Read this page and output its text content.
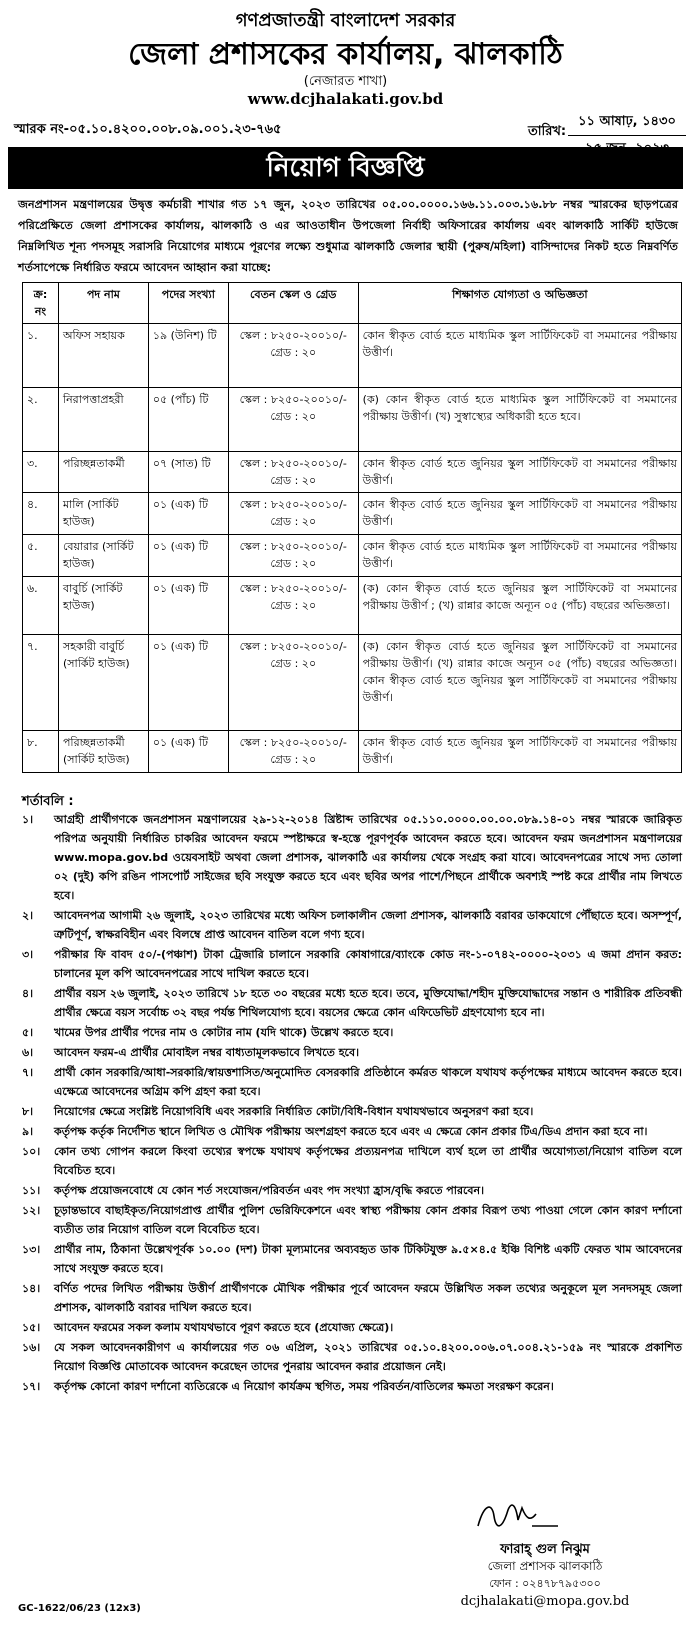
গণপ্রজাতন্ত্রী বাংলাদেশ সরকার
জেলা প্রশাসকের কার্যালয়, ঝালকাঠি
(নেজারত শাখা)
www.dcjhalakati.gov.bd
স্মারক নং-০৫.১০.৪২০০.০০৮.০৯.০০১.২৩-৭৬৫	তারিখ:
১১ আষাঢ়, ১৪৩০
নিয়োগ বিজ্ঞপ্তি
জনপ্রশাসন মন্ত্রণালয়ের উদ্বৃত্ত কর্মচারী শাখার গত ১৭ জুন, ২০২৩ তারিখের ০৫.০০.০০০০.১৬৬.১১.০০৩.১৬.৮৮ নম্বর স্মারকের ছাড়পত্রের পরিপ্রেক্ষিতে জেলা প্রশাসকের কার্যালয়, ঝালকাঠি ও এর আওতাধীন উপজেলা নির্বাহী অফিসারের কার্যালয় এবং ঝালকাঠি সার্কিট হাউজে নিম্নলিখিত শূন্য পদসমূহ সরাসরি নিয়োগের মাধ্যমে পূরণের লক্ষ্যে শুধুমাত্র ঝালকাঠি জেলার স্থায়ী (পুরুষ/মহিলা) বাসিন্দাদের নিকট হতে নিম্নবর্ণিত শর্তসাপেক্ষে নির্ধারিত ফরমে আবেদন আহ্বান করা যাচ্ছে:
ক্র: নং	পদ নাম	পদের সংখ্যা	বেতন স্কেল ও গ্রেড	শিক্ষাগত যোগ্যতা ও অভিজ্ঞতা
১.	অফিস সহায়ক	১৯ (উনিশ) টি	স্কেল : ৮২৫০-২০০১০/- গ্রেড : ২০	কোন স্বীকৃত বোর্ড হতে মাধ্যমিক স্কুল সার্টিফিকেট বা সমমানের পরীক্ষায় উত্তীর্ণ।
২.	নিরাপত্তাপ্রহরী	০৫ (পাঁচ) টি	স্কেল : ৮২৫০-২০০১০/- গ্রেড : ২০	(ক) কোন স্বীকৃত বোর্ড হতে মাধ্যমিক স্কুল সার্টিফিকেট বা সমমানের পরীক্ষায় উত্তীর্ণ। (খ) সুস্বাস্থ্যের অধিকারী হতে হবে।
৩.	পরিচ্ছন্নতাকর্মী	০৭ (সাত) টি	স্কেল : ৮২৫০-২০০১০/- গ্রেড : ২০	কোন স্বীকৃত বোর্ড হতে জুনিয়র স্কুল সার্টিফিকেট বা সমমানের পরীক্ষায় উত্তীর্ণ।
৪.	মালি (সার্কিট হাউজ)	০১ (এক) টি	স্কেল : ৮২৫০-২০০১০/- গ্রেড : ২০	কোন স্বীকৃত বোর্ড হতে জুনিয়র স্কুল সার্টিফিকেট বা সমমানের পরীক্ষায় উত্তীর্ণ।
৫.	বেয়ারার (সার্কিট হাউজ)	০১ (এক) টি	স্কেল : ৮২৫০-২০০১০/- গ্রেড : ২০	কোন স্বীকৃত বোর্ড হতে মাধ্যমিক স্কুল সার্টিফিকেট বা সমমানের পরীক্ষায় উত্তীর্ণ।
৬.	বাবুর্চি (সার্কিট হাউজ)	০১ (এক) টি	স্কেল : ৮২৫০-২০০১০/- গ্রেড : ২০	(ক) কোন স্বীকৃত বোর্ড হতে জুনিয়র স্কুল সার্টিফিকেট বা সমমানের পরীক্ষায় উত্তীর্ণ ; (খ) রান্নার কাজে অন্যূন ০৫ (পাঁচ) বছরের অভিজ্ঞতা।
৭.	সহকারী বাবুর্চি (সার্কিট হাউজ)	০১ (এক) টি	স্কেল : ৮২৫০-২০০১০/- গ্রেড : ২০	(ক) কোন স্বীকৃত বোর্ড হতে জুনিয়র স্কুল সার্টিফিকেট বা সমমানের পরীক্ষায় উত্তীর্ণ। (খ) রান্নার কাজে অন্যূন ০৫ (পাঁচ) বছরের অভিজ্ঞতা। কোন স্বীকৃত বোর্ড হতে জুনিয়র স্কুল সার্টিফিকেট বা সমমানের পরীক্ষায় উত্তীর্ণ।
৮.	পরিচ্ছন্নতাকর্মী (সার্কিট হাউজ)	০১ (এক) টি	স্কেল : ৮২৫০-২০০১০/- গ্রেড : ২০	কোন স্বীকৃত বোর্ড হতে জুনিয়র স্কুল সার্টিফিকেট বা সমমানের পরীক্ষায় উত্তীর্ণ।
শর্তাবলি :
১।	আগ্রহী প্রার্থীগণকে জনপ্রশাসন মন্ত্রণালয়ের ২৯-১২-২০১৪ খ্রিষ্টাব্দ তারিখের ০৫.১১০.০০০০.০০.০০.০৮৯.১৪-০১ নম্বর স্মারকে জারিকৃত পরিপত্র অনুযায়ী নির্ধারিত চাকরির আবেদন ফরমে স্পষ্টাক্ষরে স্ব-হস্তে পূরণপূর্বক আবেদন করতে হবে। আবেদন ফরম জনপ্রশাসন মন্ত্রণালয়ের www.mopa.gov.bd ওয়েবসাইট অথবা জেলা প্রশাসক, ঝালকাঠি এর কার্যালয় থেকে সংগ্রহ করা যাবে। আবেদনপত্রের সাথে সদ্য তোলা ০২ (দুই) কপি রঙিন পাসপোর্ট সাইজের ছবি সংযুক্ত করতে হবে এবং ছবির অপর পাশে/পিছনে প্রার্থীকে অবশ্যই স্পষ্ট করে প্রার্থীর নাম লিখতে হবে।
২।	আবেদনপত্র আগামী ২৬ জুলাই, ২০২৩ তারিখের মধ্যে অফিস চলাকালীন জেলা প্রশাসক, ঝালকাঠি বরাবর ডাকযোগে পৌঁছাতে হবে। অসম্পূর্ণ, ত্রুটিপূর্ণ, স্বাক্ষরবিহীন এবং বিলম্বে প্রাপ্ত আবেদন বাতিল বলে গণ্য হবে।
৩।	পরীক্ষার ফি বাবদ ৫০/-(পঞ্চাশ) টাকা ট্রেজারি চালানে সরকারি কোষাগারে/ব্যাংকে কোড নং-১-০৭৪২-০০০০-২০৩১ এ জমা প্রদান করত: চালানের মূল কপি আবেদনপত্রের সাথে দাখিল করতে হবে।
৪।	প্রার্থীর বয়স ২৬ জুলাই, ২০২৩ তারিখে ১৮ হতে ৩০ বছরের মধ্যে হতে হবে। তবে, মুক্তিযোদ্ধা/শহীদ মুক্তিযোদ্ধাদের সন্তান ও শারীরিক প্রতিবন্ধী প্রার্থীর ক্ষেত্রে বয়স সর্বোচ্চ ৩২ বছর পর্যন্ত শিথিলযোগ্য হবে। বয়সের ক্ষেত্রে কোন এফিডেভিট গ্রহণযোগ্য হবে না।
৫।	খামের উপর প্রার্থীর পদের নাম ও কোটার নাম (যদি থাকে) উল্লেখ করতে হবে।
৬।	আবেদন ফরম-এ প্রার্থীর মোবাইল নম্বর বাধ্যতামূলকভাবে লিখতে হবে।
৭।	প্রার্থী কোন সরকারি/আধা-সরকারি/স্বায়ত্তশাসিত/অনুমোদিত বেসরকারি প্রতিষ্ঠানে কর্মরত থাকলে যথাযথ কর্তৃপক্ষের মাধ্যমে আবেদন করতে হবে। এক্ষেত্রে আবেদনের অগ্রিম কপি গ্রহণ করা হবে।
৮।	নিয়োগের ক্ষেত্রে সংশ্লিষ্ট নিয়োগবিধি এবং সরকারি নির্ধারিত কোটা/বিধি-বিধান যথাযথভাবে অনুসরণ করা হবে।
৯।	কর্তৃপক্ষ কর্তৃক নির্দেশিত স্থানে লিখিত ও মৌখিক পরীক্ষায় অংশগ্রহণ করতে হবে এবং এ ক্ষেত্রে কোন প্রকার টিএ/ডিএ প্রদান করা হবে না।
১০।	কোন তথ্য গোপন করলে কিংবা তথ্যের স্বপক্ষে যথাযথ কর্তৃপক্ষের প্রত্যয়নপত্র দাখিলে ব্যর্থ হলে তা প্রার্থীর অযোগ্যতা/নিয়োগ বাতিল বলে বিবেচিত হবে।
১১।	কর্তৃপক্ষ প্রয়োজনবোধে যে কোন শর্ত সংযোজন/পরিবর্তন এবং পদ সংখ্যা হ্রাস/বৃদ্ধি করতে পারবেন।
১২।	চূড়ান্তভাবে বাছাইকৃত/নিয়োগপ্রাপ্ত প্রার্থীর পুলিশ ভেরিফিকেশনে এবং স্বাস্থ্য পরীক্ষায় কোন প্রকার বিরূপ তথ্য পাওয়া গেলে কোন কারণ দর্শানো ব্যতীত তার নিয়োগ বাতিল বলে বিবেচিত হবে।
১৩।	প্রার্থীর নাম, ঠিকানা উল্লেখপূর্বক ১০.০০ (দশ) টাকা মূল্যমানের অব্যবহৃত ডাক টিকিটযুক্ত ৯.৫×৪.৫ ইঞ্চি বিশিষ্ট একটি ফেরত খাম আবেদনের সাথে সংযুক্ত করতে হবে।
১৪।	বর্ণিত পদের লিখিত পরীক্ষায় উত্তীর্ণ প্রার্থীগণকে মৌখিক পরীক্ষার পূর্বে আবেদন ফরমে উল্লিখিত সকল তথ্যের অনুকূলে মূল সনদসমূহ জেলা প্রশাসক, ঝালকাঠি বরাবর দাখিল করতে হবে।
১৫।	আবেদন ফরমের সকল কলাম যথাযথভাবে পূরণ করতে হবে (প্রযোজ্য ক্ষেত্রে)।
১৬।	যে সকল আবেদনকারীগণ এ কার্যালয়ের গত ০৬ এপ্রিল, ২০২১ তারিখের ০৫.১০.৪২০০.০০৬.০৭.০০৪.২১-১৫৯ নং স্মারকে প্রকাশিত নিয়োগ বিজ্ঞপ্তি মোতাবেক আবেদন করেছেন তাদের পুনরায় আবেদন করার প্রয়োজন নেই।
১৭।	কর্তৃপক্ষ কোনো কারণ দর্শানো ব্যতিরেকে এ নিয়োগ কার্যক্রম স্থগিত, সময় পরিবর্তন/বাতিলের ক্ষমতা সংরক্ষণ করেন।
ফারাহ্ গুল নিঝুম
জেলা প্রশাসক ঝালকাঠি
ফোন : ০২৪৭৮৭৯৫৩০০
dcjhalakati@mopa.gov.bd
GC-1622/06/23 (12x3)
